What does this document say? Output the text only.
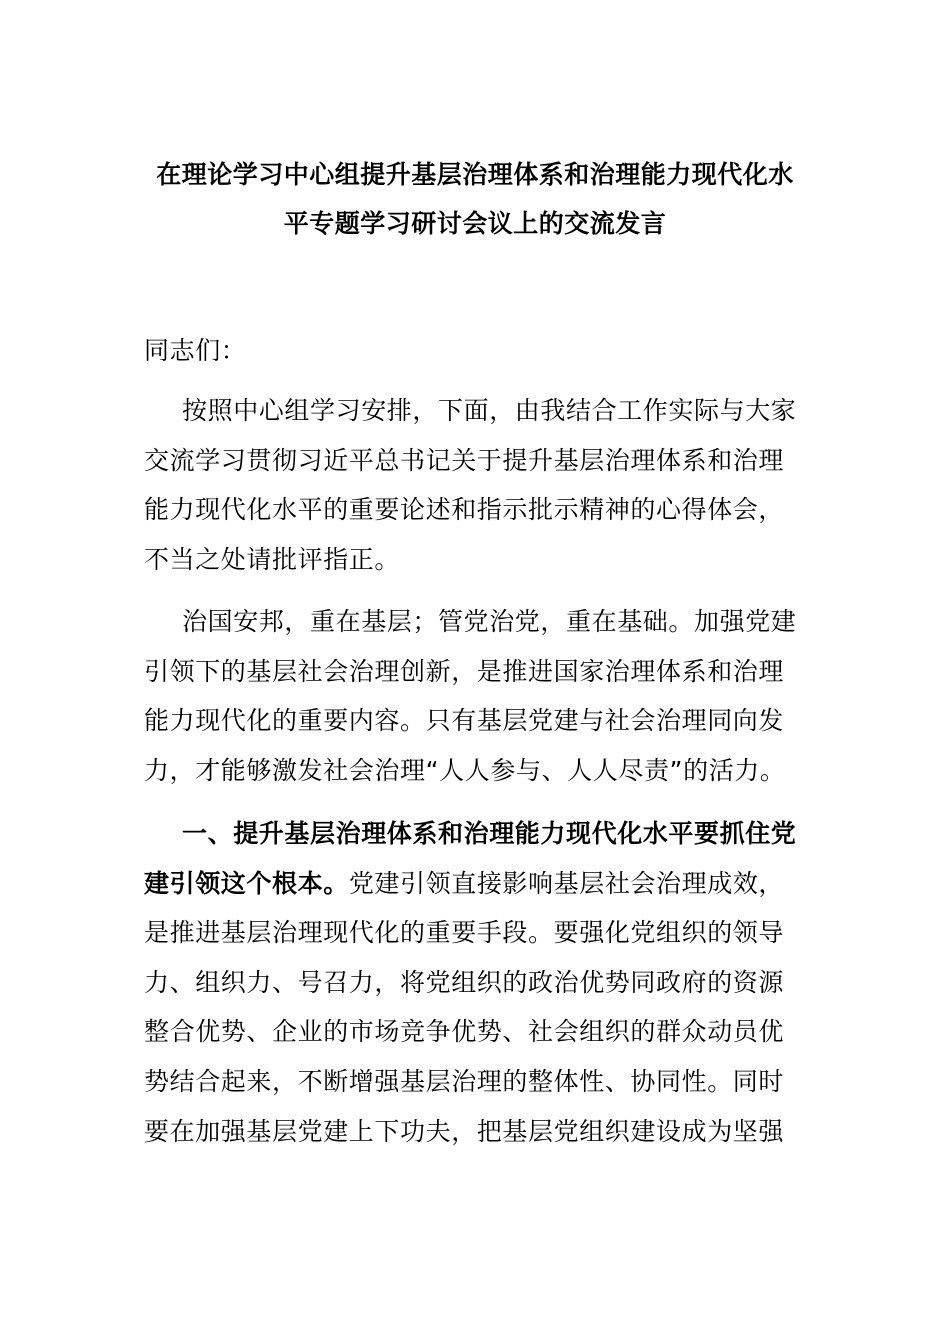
在理论学习中心组提升基层治理体系和治理能力现代化水
平专题学习研讨会议上的交流发言
同志们：
按照中心组学习安排，下面，由我结合工作实际与大家
交流学习贯彻习近平总书记关于提升基层治理体系和治理
能力现代化水平的重要论述和指示批示精神的心得体会，
不当之处请批评指正。
治国安邦，重在基层；管党治党，重在基础。加强党建
引领下的基层社会治理创新，是推进国家治理体系和治理
能力现代化的重要内容。只有基层党建与社会治理同向发
力，才能够激发社会治理“人人参与、人人尽责”的活力。
一、提升基层治理体系和治理能力现代化水平要抓住党
建引领这个根本。党建引领直接影响基层社会治理成效，
是推进基层治理现代化的重要手段。要强化党组织的领导
力、组织力、号召力，将党组织的政治优势同政府的资源
整合优势、企业的市场竞争优势、社会组织的群众动员优
势结合起来，不断增强基层治理的整体性、协同性。同时
要在加强基层党建上下功夫，把基层党组织建设成为坚强
